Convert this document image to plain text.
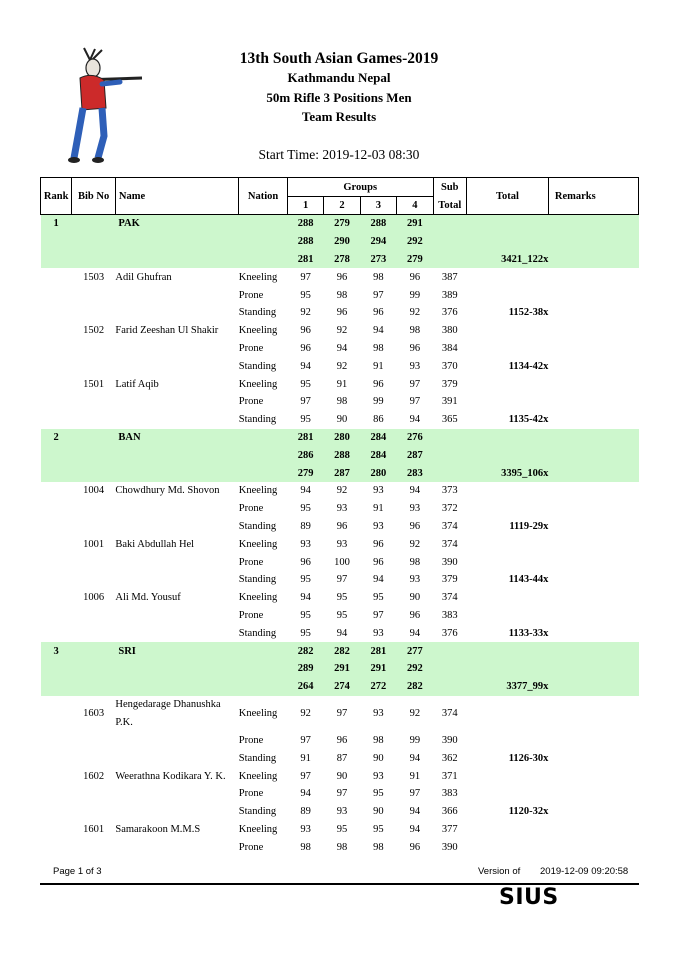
13th South Asian Games-2019
Kathmandu Nepal
50m Rifle 3 Positions Men
Team Results
Start Time: 2019-12-03 08:30
Rank	Bib No	Name	Nation	Groups				Sub	Total	Remarks
				1	2	3	4	Total		
1		PAK		288	279	288	291			
				288	290	294	292			
				281	278	273	279		3421_122x	
	1503	Adil Ghufran	Kneeling	97	96	98	96	387		
			Prone	95	98	97	99	389		
			Standing	92	96	96	92	376	1152-38x	
	1502	Farid Zeeshan Ul Shakir	Kneeling	96	92	94	98	380		
			Prone	96	94	98	96	384		
			Standing	94	92	91	93	370	1134-42x	
	1501	Latif Aqib	Kneeling	95	91	96	97	379		
			Prone	97	98	99	97	391		
			Standing	95	90	86	94	365	1135-42x	
2		BAN		281	280	284	276			
				286	288	284	287			
				279	287	280	283		3395_106x	
	1004	Chowdhury Md. Shovon	Kneeling	94	92	93	94	373		
			Prone	95	93	91	93	372		
			Standing	89	96	93	96	374	1119-29x	
	1001	Baki Abdullah Hel	Kneeling	93	93	96	92	374		
			Prone	96	100	96	98	390		
			Standing	95	97	94	93	379	1143-44x	
	1006	Ali Md. Yousuf	Kneeling	94	95	95	90	374		
			Prone	95	95	97	96	383		
			Standing	95	94	93	94	376	1133-33x	
3		SRI		282	282	281	277			
				289	291	291	292			
				264	274	272	282		3377_99x	
	1603	Hengedarage Dhanushka P.K.	Kneeling	92	97	93	92	374		
			Prone	97	96	98	99	390		
			Standing	91	87	90	94	362	1126-30x	
	1602	Weerathna Kodikara Y. K.	Kneeling	97	90	93	91	371		
			Prone	94	97	95	97	383		
			Standing	89	93	90	94	366	1120-32x	
	1601	Samarakoon M.M.S	Kneeling	93	95	95	94	377		
			Prone	98	98	98	96	390		
Page 1 of 3	Version of 2019-12-09 09:20:58
SIUS
